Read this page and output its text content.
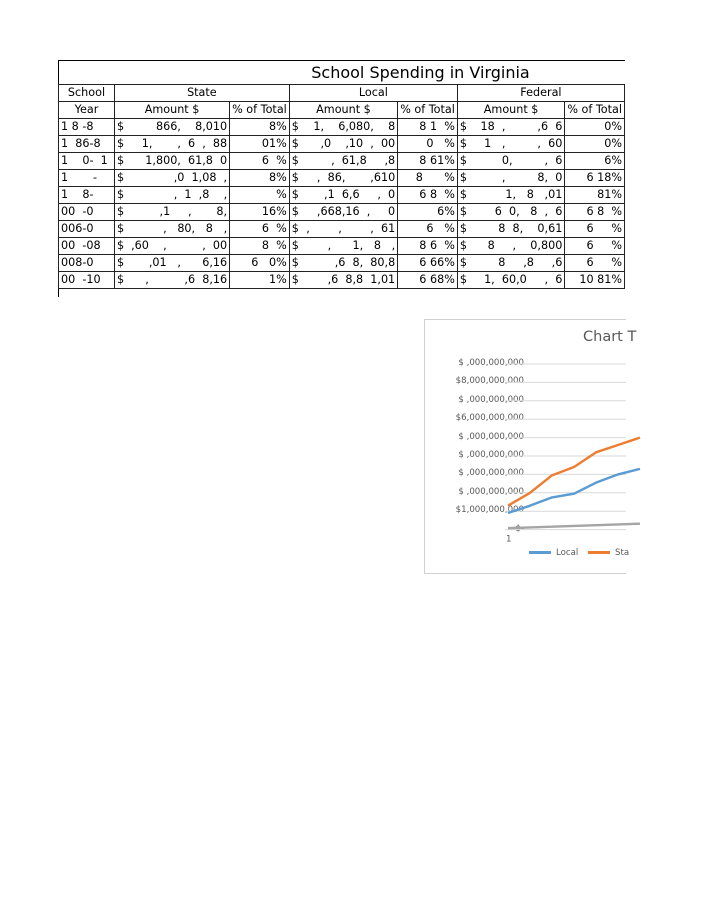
School Spending in Virginia
School	State			Local			Federal		
Year	Amount $		% of Total	Amount $		% of Total	Amount $		% of Total
1 8 -8	$	866,    8,010	8%	$	1,    6,080,    8	8 1  %	$	18  ,         ,6  6	0%
1  86-8	$	1,       ,  6  ,  88	01%	$	,0    ,10  ,  00	0   %	$	1   ,         ,  60	0%
1    0-  1	$	1,800,  61,8  0	6  %	$	,  61,8     ,8	8 61%	$	0,         ,  6	6%
1       -	$	,0  1,08  ,	8%	$	,  86,       ,610	8      %	$	,         8,  0	6 18%
1    8-	$	,  1  ,8    ,	%	$	,1  6,6     ,  0	6 8  %	$	1,   8   ,01	81%
00  -0	$	,1     ,       8,	16%	$	,668,16  ,     0	6%	$	6  0,   8  ,  6	6 8  %
006-0	$	,   80,   8   ,	6  %	$	,        ,        ,  61	6   %	$	8  8,    0,61	6     %
00  -08	$	,60    ,          ,  00	8  %	$	,      1,   8   ,	8 6  %	$	8     ,    0,800	6     %
008-0	$	,01   ,      6,16	6   0%	$	,6  8,  80,8	6 66%	$	8     ,8     ,6	6     %
00  -10	$	,          ,6  8,16	1%	$	,6  8,8  1,01	6 68%	$	1,  60,0     ,  6	10 81%
Chart T
$ ,000,000,000
$8,000,000,000
$ ,000,000,000
$6,000,000,000
$ ,000,000,000
$ ,000,000,000
$ ,000,000,000
$ ,000,000,000
$1,000,000,000
$-
1
Local	Sta
